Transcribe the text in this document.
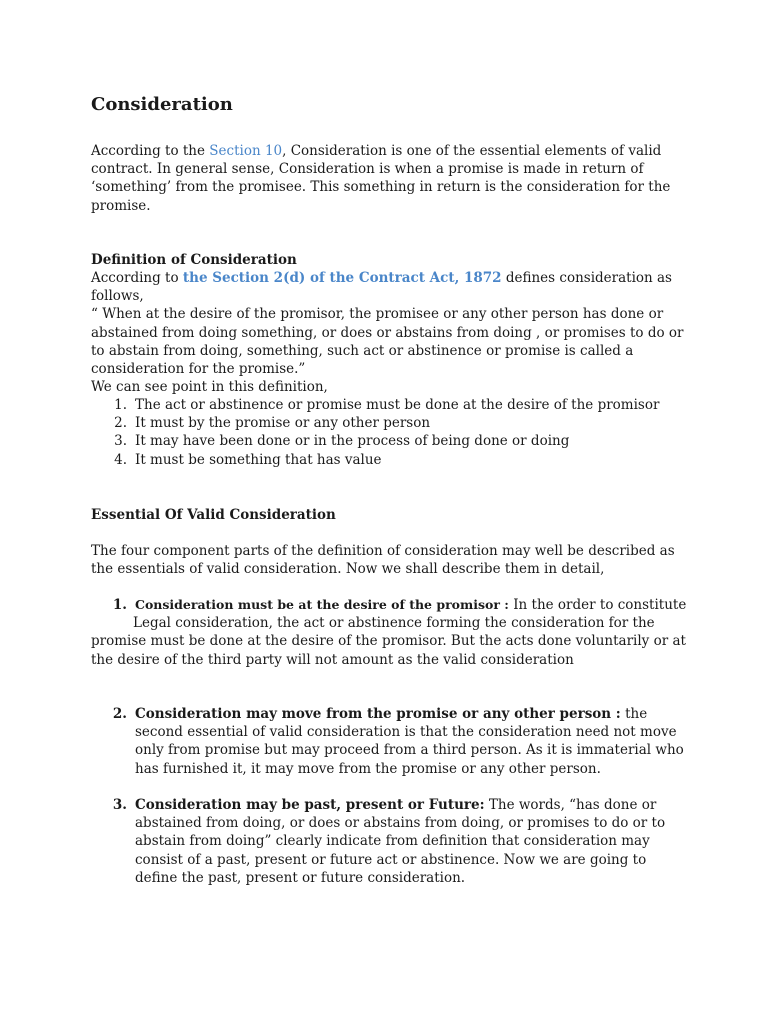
Consideration

According to the Section 10, Consideration is one of the essential elements of valid contract. In general sense, Consideration is when a promise is made in return of ‘something’ from the promisee. This something in return is the consideration for the promise.

Definition of Consideration

According to the Section 2(d) of the Contract Act, 1872 defines consideration as follows,
“ When at the desire of the promisor, the promisee or any other person has done or abstained from doing something, or does or abstains from doing , or promises to do or to abstain from doing, something, such act or abstinence or promise is called a consideration for the promise.”

We can see point in this definition,
1. The act or abstinence or promise must be done at the desire of the promisor
2. It must by the promise or any other person
3. It may have been done or in the process of being done or doing
4. It must be something that has value
Essential Of Valid Consideration

The four component parts of the definition of consideration may well be described as the essentials of valid consideration. Now we shall describe them in detail,

1. Consideration must be at the desire of the promisor : In the order to constitute
Legal consideration, the act or abstinence forming the consideration for the promise must be done at the desire of the promisor. But the acts done voluntarily or at the desire of the third party will not amount as the valid consideration
2. Consideration may move from the promise or any other person : the second essential of valid consideration is that the consideration need not move only from promise but may proceed from a third person. As it is immaterial who has furnished it, it may move from the promise or any other person.
3. Consideration may be past, present or Future: The words, “has done or abstained from doing, or does or abstains from doing, or promises to do or to abstain from doing” clearly indicate from definition that consideration may consist of a past, present or future act or abstinence. Now we are going to define the past, present or future consideration.
